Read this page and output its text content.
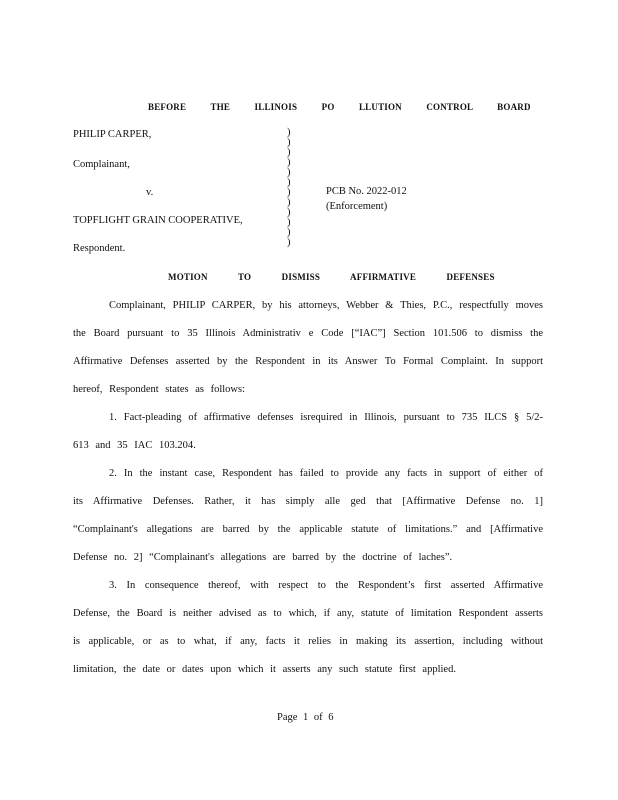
BEFORE THE ILLINOIS PO LLUTION CONTROL BOARD
PHILIP CARPER,
Complainant,
v.
TOPFLIGHT GRAIN COOPERATIVE,
Respondent.
)
)
)
)
)
)
)
)
)
)
)
)
PCB No. 2022-012
(Enforcement)
MOTION TO DISMISS AFFIRMATIVE DEFENSES
Complainant, PHILIP CARPER, by his attorneys, Webber & Thies, P.C., respectfully moves the Board pursuant to 35 Illinois Administrativ e Code [“IAC”] Section 101.506 to dismiss the Affirmative Defenses asserted by the Respondent in its Answer To Formal Complaint. In support hereof, Respondent states as follows:
1. Fact-pleading of affirmative defenses isrequired in Illinois, pursuant to 735 ILCS § 5/2-613 and 35 IAC 103.204.
2. In the instant case, Respondent has failed to provide any facts in support of either of its Affirmative Defenses. Rather, it has simply alle ged that [Affirmative Defense no. 1] “Complainant's allegations are barred by the applicable statute of limitations.” and [Affirmative Defense no. 2] “Complainant's allegations are barred by the doctrine of laches”.
3. In consequence thereof, with respect to the Respondent’s first asserted Affirmative Defense, the Board is neither advised as to which, if any, statute of limitation Respondent asserts is applicable, or as to what, if any, facts it relies in making its assertion, including without limitation, the date or dates upon which it asserts any such statute first applied.
Page 1 of 6
